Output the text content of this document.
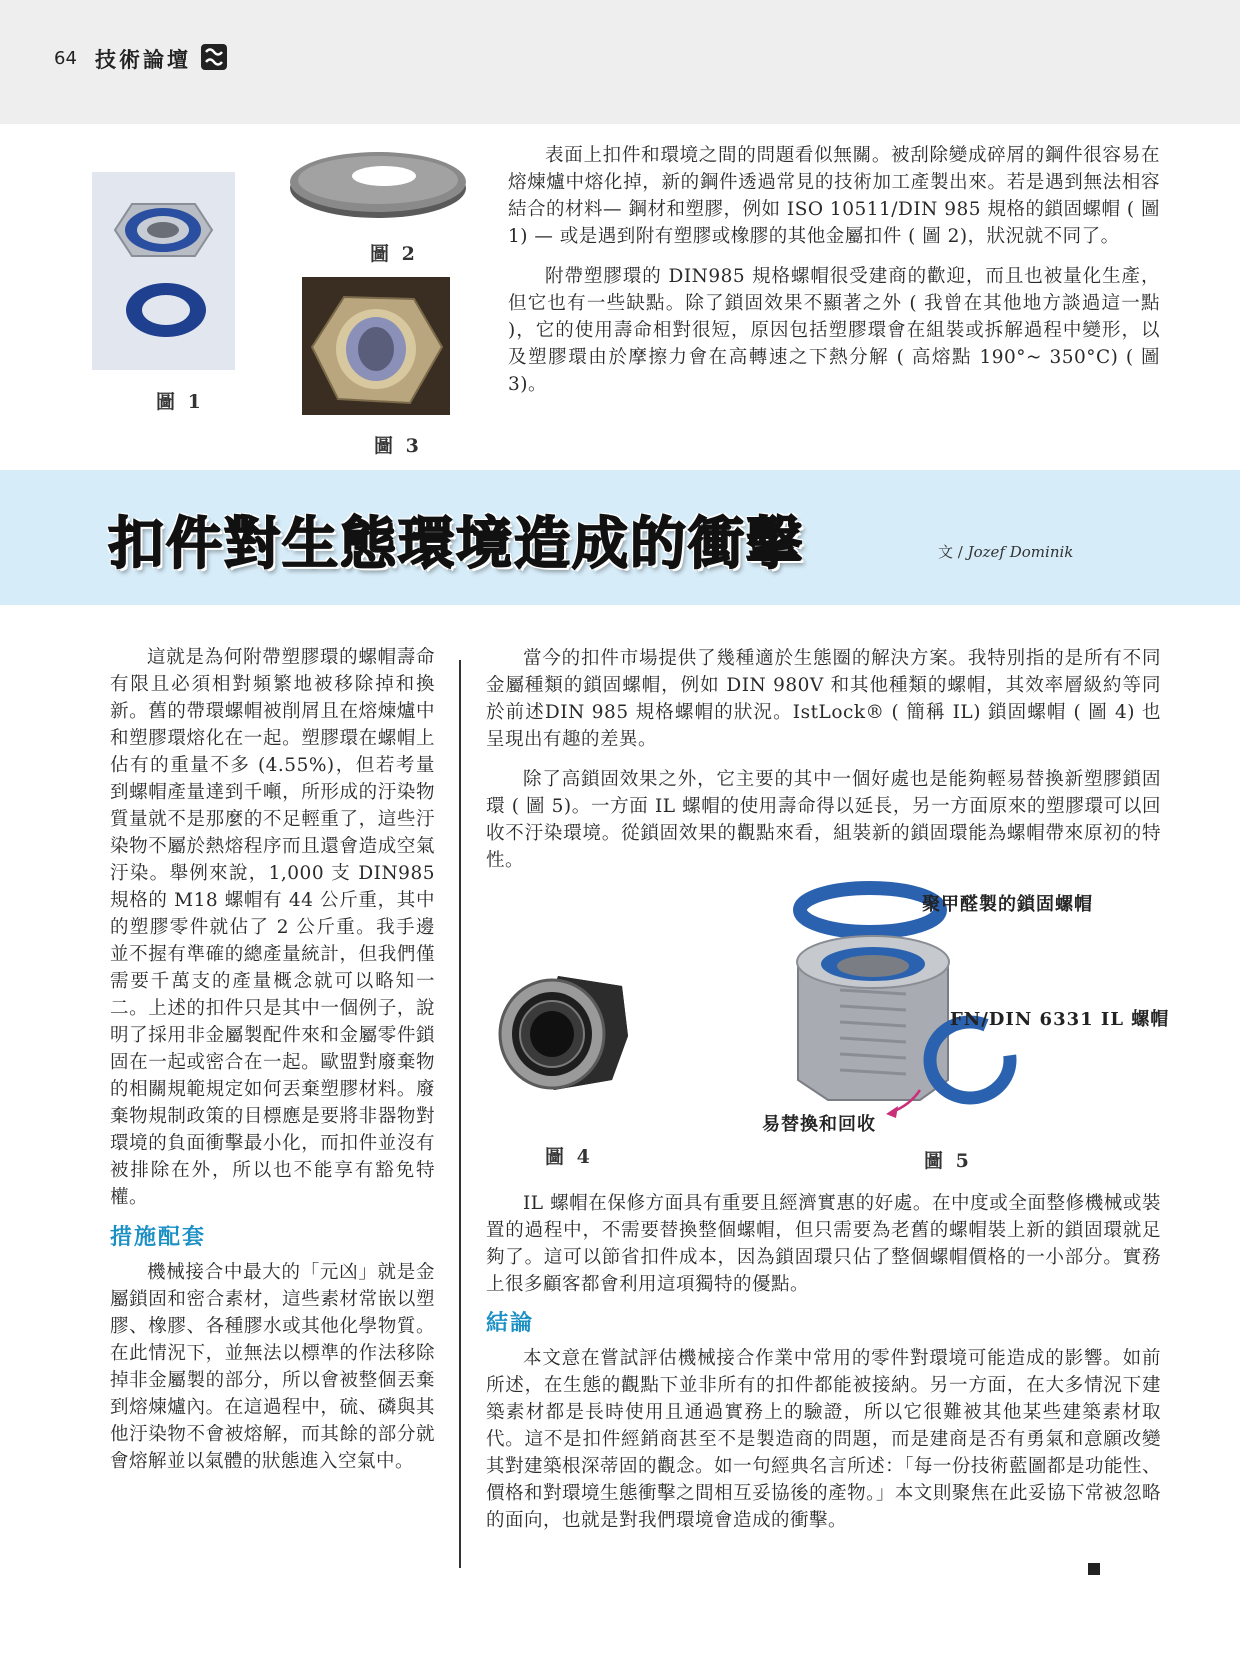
64 技術論壇
圖 1
圖 2
圖 3

表面上扣件和環境之間的問題看似無關。被刮除變成碎屑的鋼件很容易在熔煉爐中熔化掉，新的鋼件透過常見的技術加工產製出來。若是遇到無法相容結合的材料— 鋼材和塑膠，例如 ISO 10511/DIN 985 規格的鎖固螺帽 ( 圖 1) — 或是遇到附有塑膠或橡膠的其他金屬扣件 ( 圖 2)，狀況就不同了。

附帶塑膠環的 DIN985 規格螺帽很受建商的歡迎，而且也被量化生產，但它也有一些缺點。除了鎖固效果不顯著之外 ( 我曾在其他地方談過這一點 )，它的使用壽命相對很短，原因包括塑膠環會在組裝或拆解過程中變形，以及塑膠環由於摩擦力會在高轉速之下熱分解 ( 高熔點 190°~ 350°C) ( 圖 3)。

扣件對生態環境造成的衝擊	文 / Jozef Dominik

這就是為何附帶塑膠環的螺帽壽命有限且必須相對頻繁地被移除掉和換新。舊的帶環螺帽被削屑且在熔煉爐中和塑膠環熔化在一起。塑膠環在螺帽上佔有的重量不多 (4.55%)，但若考量到螺帽產量達到千噸，所形成的汙染物質量就不是那麼的不足輕重了，這些汙染物不屬於熱熔程序而且還會造成空氣汙染。舉例來說，1,000 支 DIN985 規格的 M18 螺帽有 44 公斤重，其中的塑膠零件就佔了 2 公斤重。我手邊並不握有準確的總產量統計，但我們僅需要千萬支的產量概念就可以略知一二。上述的扣件只是其中一個例子，說明了採用非金屬製配件來和金屬零件鎖固在一起或密合在一起。歐盟對廢棄物的相關規範規定如何丟棄塑膠材料。廢棄物規制政策的目標應是要將非器物對環境的負面衝擊最小化，而扣件並沒有被排除在外，所以也不能享有豁免特權。

措施配套

機械接合中最大的「元凶」就是金屬鎖固和密合素材，這些素材常嵌以塑膠、橡膠、各種膠水或其他化學物質。在此情況下，並無法以標準的作法移除掉非金屬製的部分，所以會被整個丟棄到熔煉爐內。在這過程中，硫、磷與其他汙染物不會被熔解，而其餘的部分就會熔解並以氣體的狀態進入空氣中。

當今的扣件市場提供了幾種適於生態圈的解決方案。我特別指的是所有不同金屬種類的鎖固螺帽，例如 DIN 980V 和其他種類的螺帽，其效率層級約等同於前述DIN 985 規格螺帽的狀況。IstLock® ( 簡稱 IL) 鎖固螺帽 ( 圖 4) 也呈現出有趣的差異。

除了高鎖固效果之外，它主要的其中一個好處也是能夠輕易替換新塑膠鎖固環 ( 圖 5)。一方面 IL 螺帽的使用壽命得以延長，另一方面原來的塑膠環可以回收不汙染環境。從鎖固效果的觀點來看，組裝新的鎖固環能為螺帽帶來原初的特性。

圖 4
聚甲醛製的鎖固螺帽
FN/DIN 6331 IL 螺帽
易替換和回收
圖 5

IL 螺帽在保修方面具有重要且經濟實惠的好處。在中度或全面整修機械或裝置的過程中，不需要替換整個螺帽，但只需要為老舊的螺帽裝上新的鎖固環就足夠了。這可以節省扣件成本，因為鎖固環只佔了整個螺帽價格的一小部分。實務上很多顧客都會利用這項獨特的優點。

結論

本文意在嘗試評估機械接合作業中常用的零件對環境可能造成的影響。如前所述，在生態的觀點下並非所有的扣件都能被接納。另一方面，在大多情況下建築素材都是長時使用且通過實務上的驗證，所以它很難被其他某些建築素材取代。這不是扣件經銷商甚至不是製造商的問題，而是建商是否有勇氣和意願改變其對建築根深蒂固的觀念。如一句經典名言所述：「每一份技術藍圖都是功能性、價格和對環境生態衝擊之間相互妥協後的產物。」本文則聚焦在此妥協下常被忽略的面向，也就是對我們環境會造成的衝擊。
